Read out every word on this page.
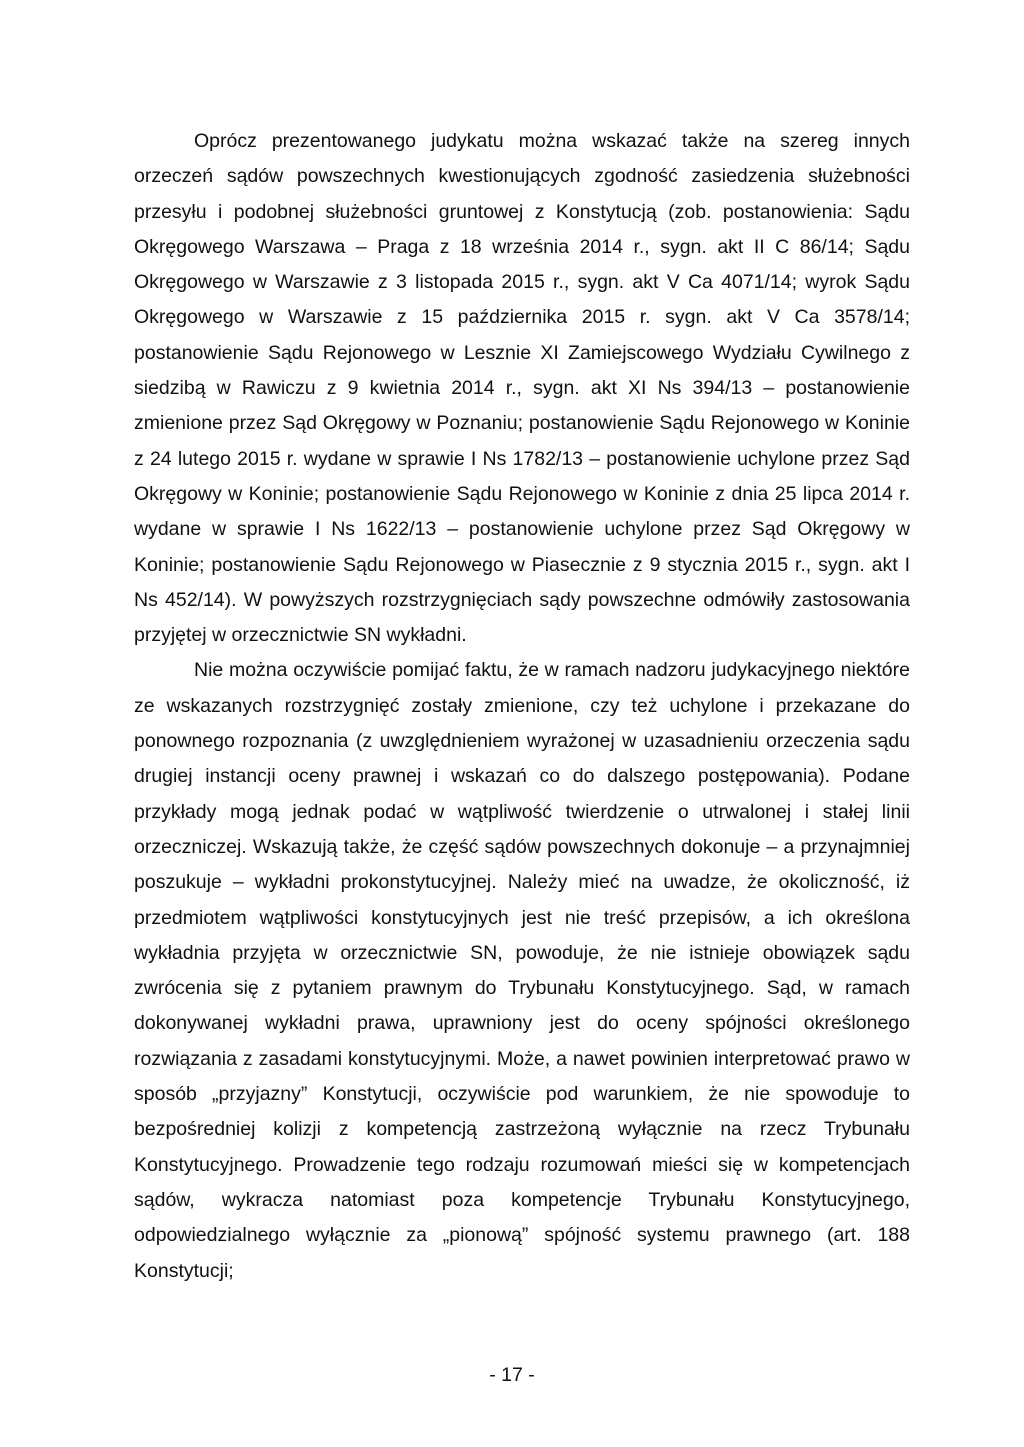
Oprócz prezentowanego judykatu można wskazać także na szereg innych orzeczeń sądów powszechnych kwestionujących zgodność zasiedzenia służebności przesyłu i podobnej służebności gruntowej z Konstytucją (zob. postanowienia: Sądu Okręgowego Warszawa – Praga z 18 września 2014 r., sygn. akt II C 86/14; Sądu Okręgowego w Warszawie z 3 listopada 2015 r., sygn. akt V Ca 4071/14; wyrok Sądu Okręgowego w Warszawie z 15 października 2015 r. sygn. akt V Ca 3578/14; postanowienie Sądu Rejonowego w Lesznie XI Zamiejscowego Wydziału Cywilnego z siedzibą w Rawiczu z 9 kwietnia 2014 r., sygn. akt XI Ns 394/13 – postanowienie zmienione przez Sąd Okręgowy w Poznaniu; postanowienie Sądu Rejonowego w Koninie z 24 lutego 2015 r. wydane w sprawie I Ns 1782/13 – postanowienie uchylone przez Sąd Okręgowy w Koninie; postanowienie Sądu Rejonowego w Koninie z dnia 25 lipca 2014 r. wydane w sprawie I Ns 1622/13 – postanowienie uchylone przez Sąd Okręgowy w Koninie; postanowienie Sądu Rejonowego w Piasecznie z 9 stycznia 2015 r., sygn. akt I Ns 452/14). W powyższych rozstrzygnięciach sądy powszechne odmówiły zastosowania przyjętej w orzecznictwie SN wykładni.

Nie można oczywiście pomijać faktu, że w ramach nadzoru judykacyjnego niektóre ze wskazanych rozstrzygnięć zostały zmienione, czy też uchylone i przekazane do ponownego rozpoznania (z uwzględnieniem wyrażonej w uzasadnieniu orzeczenia sądu drugiej instancji oceny prawnej i wskazań co do dalszego postępowania). Podane przykłady mogą jednak podać w wątpliwość twierdzenie o utrwalonej i stałej linii orzeczniczej. Wskazują także, że część sądów powszechnych dokonuje – a przynajmniej poszukuje – wykładni prokonstytucyjnej. Należy mieć na uwadze, że okoliczność, iż przedmiotem wątpliwości konstytucyjnych jest nie treść przepisów, a ich określona wykładnia przyjęta w orzecznictwie SN, powoduje, że nie istnieje obowiązek sądu zwrócenia się z pytaniem prawnym do Trybunału Konstytucyjnego. Sąd, w ramach dokonywanej wykładni prawa, uprawniony jest do oceny spójności określonego rozwiązania z zasadami konstytucyjnymi. Może, a nawet powinien interpretować prawo w sposób „przyjazny” Konstytucji, oczywiście pod warunkiem, że nie spowoduje to bezpośredniej kolizji z kompetencją zastrzeżoną wyłącznie na rzecz Trybunału Konstytucyjnego. Prowadzenie tego rodzaju rozumowań mieści się w kompetencjach sądów, wykracza natomiast poza kompetencje Trybunału Konstytucyjnego, odpowiedzialnego wyłącznie za „pionową” spójność systemu prawnego (art. 188 Konstytucji;

- 17 -
